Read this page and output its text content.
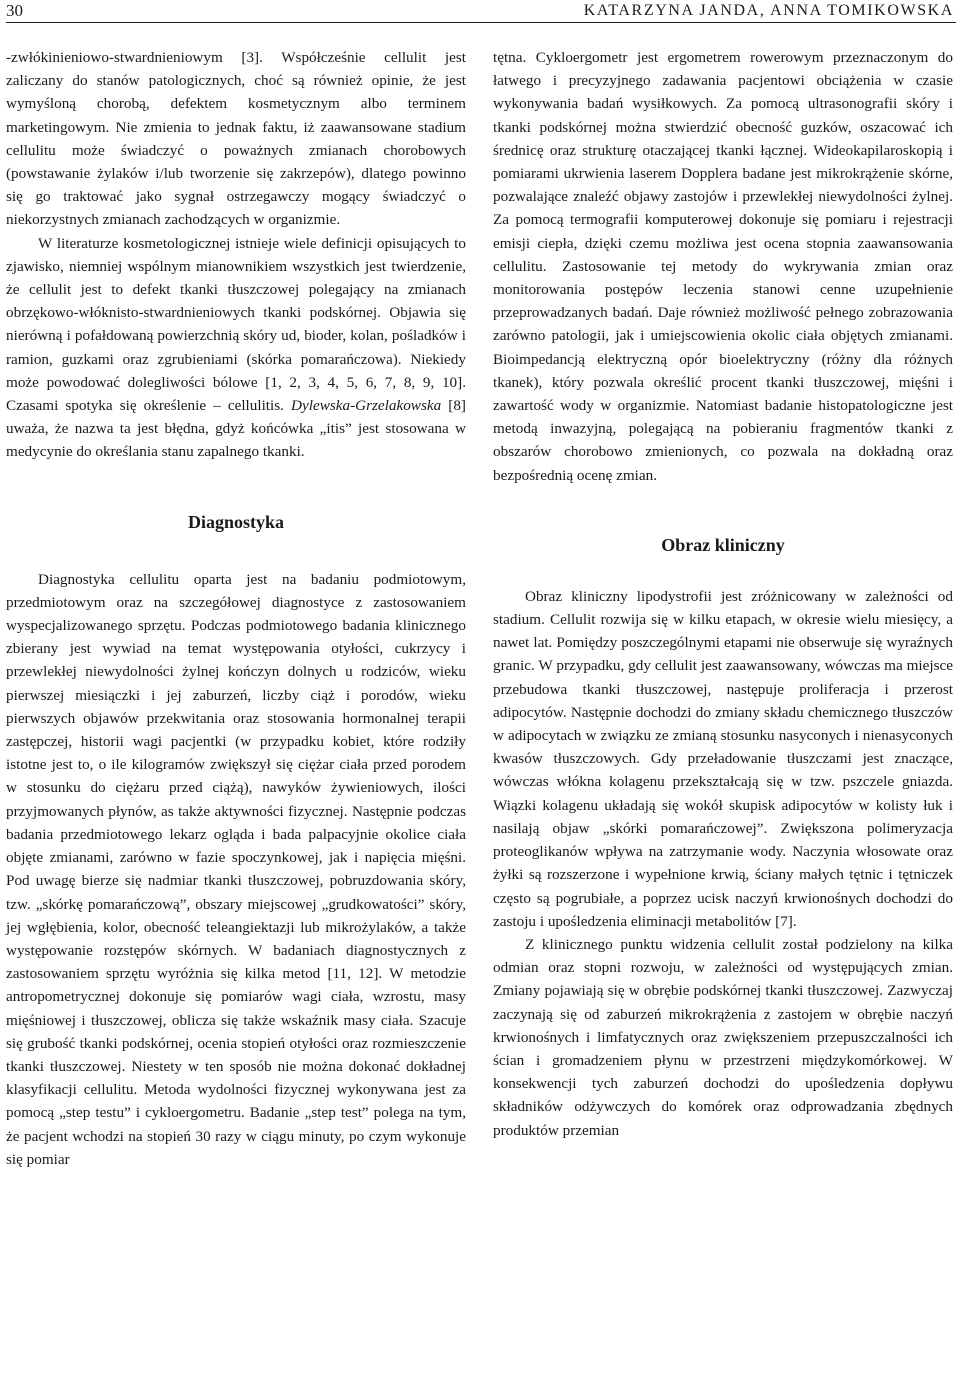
30	KATARZYNA JANDA, ANNA TOMIKOWSKA

-zwłókinieniowo-stwardnieniowym [3]. Współcześnie cellulit jest zaliczany do stanów patologicznych, choć są również opinie, że jest wymyśloną chorobą, defektem kosmetycznym albo terminem marketingowym. Nie zmienia to jednak faktu, iż zaawansowane stadium cellulitu może świadczyć o poważnych zmianach chorobowych (powstawanie żylaków i/lub tworzenie się zakrzepów), dlatego powinno się go traktować jako sygnał ostrzegawczy mogący świadczyć o niekorzystnych zmianach zachodzących w organizmie.

W literaturze kosmetologicznej istnieje wiele definicji opisujących to zjawisko, niemniej wspólnym mianownikiem wszystkich jest twierdzenie, że cellulit jest to defekt tkanki tłuszczowej polegający na zmianach obrzękowo-włóknisto-stwardnieniowych tkanki podskórnej. Objawia się nierówną i pofałdowaną powierzchnią skóry ud, bioder, kolan, pośladków i ramion, guzkami oraz zgrubieniami (skórka pomarańczowa). Niekiedy może powodować dolegliwości bólowe [1, 2, 3, 4, 5, 6, 7, 8, 9, 10]. Czasami spotyka się określenie – cellulitis. Dylewska-Grzelakowska [8] uważa, że nazwa ta jest błędna, gdyż końcówka „itis” jest stosowana w medycynie do określania stanu zapalnego tkanki.

Diagnostyka

Diagnostyka cellulitu oparta jest na badaniu podmiotowym, przedmiotowym oraz na szczegółowej diagnostyce z zastosowaniem wyspecjalizowanego sprzętu. Podczas podmiotowego badania klinicznego zbierany jest wywiad na temat występowania otyłości, cukrzycy i przewlekłej niewydolności żylnej kończyn dolnych u rodziców, wieku pierwszej miesiączki i jej zaburzeń, liczby ciąż i porodów, wieku pierwszych objawów przekwitania oraz stosowania hormonalnej terapii zastępczej, historii wagi pacjentki (w przypadku kobiet, które rodziły istotne jest to, o ile kilogramów zwiększył się ciężar ciała przed porodem w stosunku do ciężaru przed ciążą), nawyków żywieniowych, ilości przyjmowanych płynów, as także aktywności fizycznej. Następnie podczas badania przedmiotowego lekarz ogląda i bada palpacyjnie okolice ciała objęte zmianami, zarówno w fazie spoczynkowej, jak i napięcia mięśni. Pod uwagę bierze się nadmiar tkanki tłuszczowej, pobruzdowania skóry, tzw. „skórkę pomarańczową”, obszary miejscowej „grudkowatości” skóry, jej wgłębienia, kolor, obecność teleangiektazji lub mikrożylaków, a także występowanie rozstępów skórnych. W badaniach diagnostycznych z zastosowaniem sprzętu wyróżnia się kilka metod [11, 12]. W metodzie antropometrycznej dokonuje się pomiarów wagi ciała, wzrostu, masy mięśniowej i tłuszczowej, oblicza się także wskaźnik masy ciała. Szacuje się grubość tkanki podskórnej, ocenia stopień otyłości oraz rozmieszczenie tkanki tłuszczowej. Niestety w ten sposób nie można dokonać dokładnej klasyfikacji cellulitu. Metoda wydolności fizycznej wykonywana jest za pomocą „step testu” i cykloergometru. Badanie „step test” polega na tym, że pacjent wchodzi na stopień 30 razy w ciągu minuty, po czym wykonuje się pomiar

tętna. Cykloergometr jest ergometrem rowerowym przeznaczonym do łatwego i precyzyjnego zadawania pacjentowi obciążenia w czasie wykonywania badań wysiłkowych. Za pomocą ultrasonografii skóry i tkanki podskórnej można stwierdzić obecność guzków, oszacować ich średnicę oraz strukturę otaczającej tkanki łącznej. Wideokapilaroskopią i pomiarami ukrwienia laserem Dopplera badane jest mikrokrążenie skórne, pozwalające znaleźć objawy zastojów i przewlekłej niewydolności żylnej. Za pomocą termografii komputerowej dokonuje się pomiaru i rejestracji emisji ciepła, dzięki czemu możliwa jest ocena stopnia zaawansowania cellulitu. Zastosowanie tej metody do wykrywania zmian oraz monitorowania postępów leczenia stanowi cenne uzupełnienie przeprowadzanych badań. Daje również możliwość pełnego zobrazowania zarówno patologii, jak i umiejscowienia okolic ciała objętych zmianami. Bioimpedancją elektryczną opór bioelektryczny (różny dla różnych tkanek), który pozwala określić procent tkanki tłuszczowej, mięśni i zawartość wody w organizmie. Natomiast badanie histopatologiczne jest metodą inwazyjną, polegającą na pobieraniu fragmentów tkanki z obszarów chorobowo zmienionych, co pozwala na dokładną oraz bezpośrednią ocenę zmian.

Obraz kliniczny

Obraz kliniczny lipodystrofii jest zróżnicowany w zależności od stadium. Cellulit rozwija się w kilku etapach, w okresie wielu miesięcy, a nawet lat. Pomiędzy poszczególnymi etapami nie obserwuje się wyraźnych granic. W przypadku, gdy cellulit jest zaawansowany, wówczas ma miejsce przebudowa tkanki tłuszczowej, następuje proliferacja i przerost adipocytów. Następnie dochodzi do zmiany składu chemicznego tłuszczów w adipocytach w związku ze zmianą stosunku nasyconych i nienasyconych kwasów tłuszczowych. Gdy przeładowanie tłuszczami jest znaczące, wówczas włókna kolagenu przekształcają się w tzw. pszczele gniazda. Wiązki kolagenu układają się wokół skupisk adipocytów w kolisty łuk i nasilają objaw „skórki pomarańczowej”. Zwiększona polimeryzacja proteoglikanów wpływa na zatrzymanie wody. Naczynia włosowate oraz żyłki są rozszerzone i wypełnione krwią, ściany małych tętnic i tętniczek często są pogrubiałe, a poprzez ucisk naczyń krwionośnych dochodzi do zastoju i upośledzenia eliminacji metabolitów [7].

Z klinicznego punktu widzenia cellulit został podzielony na kilka odmian oraz stopni rozwoju, w zależności od występujących zmian. Zmiany pojawiają się w obrębie podskórnej tkanki tłuszczowej. Zazwyczaj zaczynają się od zaburzeń mikrokrążenia z zastojem w obrębie naczyń krwionośnych i limfatycznych oraz zwiększeniem przepuszczalności ich ścian i gromadzeniem płynu w przestrzeni międzykomórkowej. W konsekwencji tych zaburzeń dochodzi do upośledzenia dopływu składników odżywczych do komórek oraz odprowadzania zbędnych produktów przemian
